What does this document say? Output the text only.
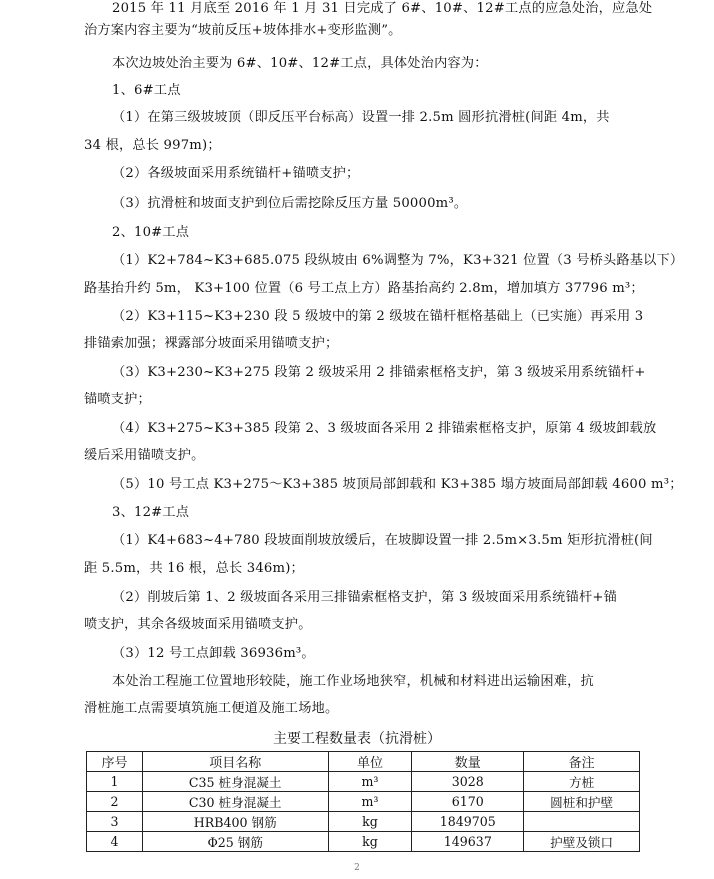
2015 年 11 月底至 2016 年 1 月 31 日完成了 6#、10#、12#工点的应急处治，应急处
治方案内容主要为“坡前反压+坡体排水+变形监测”。
本次边坡处治主要为 6#、10#、12#工点，具体处治内容为：
1、6#工点
（1）在第三级坡坡顶（即反压平台标高）设置一排 2.5m 圆形抗滑桩(间距 4m，共
34 根，总长 997m)；
（2）各级坡面采用系统锚杆+锚喷支护；
（3）抗滑桩和坡面支护到位后需挖除反压方量 50000m³。
2、10#工点
（1）K2+784~K3+685.075 段纵坡由 6%调整为 7%，K3+321 位置（3 号桥头路基以下）
路基抬升约 5m， K3+100 位置（6 号工点上方）路基抬高约 2.8m，增加填方 37796 m³；
（2）K3+115~K3+230 段 5 级坡中的第 2 级坡在锚杆框格基础上（已实施）再采用 3
排锚索加强；裸露部分坡面采用锚喷支护；
（3）K3+230~K3+275 段第 2 级坡采用 2 排锚索框格支护，第 3 级坡采用系统锚杆+
锚喷支护；
（4）K3+275~K3+385 段第 2、3 级坡面各采用 2 排锚索框格支护，原第 4 级坡卸载放
缓后采用锚喷支护。
（5）10 号工点 K3+275～K3+385 坡顶局部卸载和 K3+385 塌方坡面局部卸载 4600 m³；
3、12#工点
（1）K4+683~4+780 段坡面削坡放缓后，在坡脚设置一排 2.5m×3.5m 矩形抗滑桩(间
距 5.5m，共 16 根，总长 346m)；
（2）削坡后第 1、2 级坡面各采用三排锚索框格支护，第 3 级坡面采用系统锚杆+锚
喷支护，其余各级坡面采用锚喷支护。
（3）12 号工点卸载 36936m³。
本处治工程施工位置地形较陡，施工作业场地狭窄，机械和材料进出运输困难，抗
滑桩施工点需要填筑施工便道及施工场地。
主要工程数量表（抗滑桩）
序号	项目名称	单位	数量	备注
1	C35 桩身混凝土	m³	3028	方桩
2	C30 桩身混凝土	m³	6170	圆桩和护壁
3	HRB400 钢筋	kg	1849705	
4	Φ25 钢筋	kg	149637	护壁及锁口
2
